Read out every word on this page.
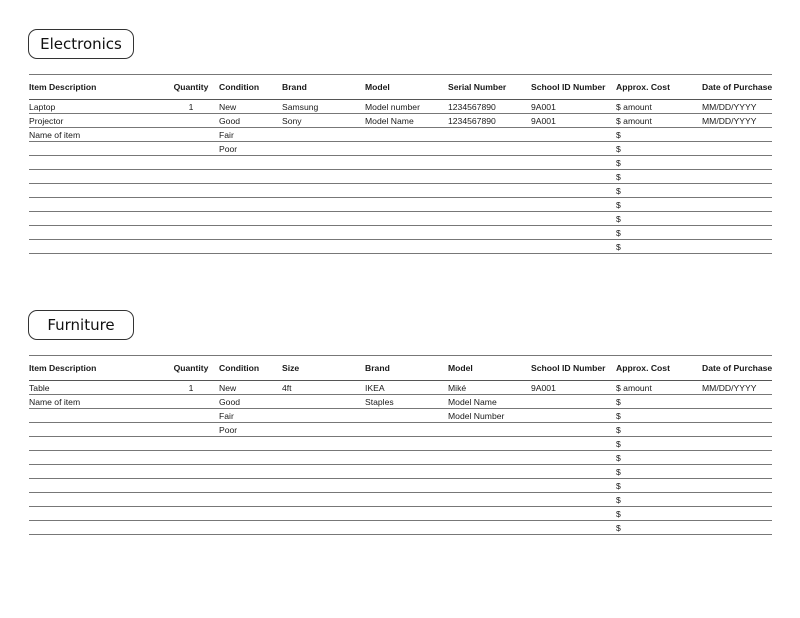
Electronics
Item Description	Quantity	Condition	Brand	Model	Serial Number	School ID Number	Approx. Cost	Date of Purchase
Laptop	1	New	Samsung	Model number	1234567890	9A001	$ amount	MM/DD/YYYY
Projector		Good	Sony	Model Name	1234567890	9A001	$ amount	MM/DD/YYYY
Name of item		Fair					$	
		Poor					$	
							$	
							$	
							$	
							$	
							$	
							$	
							$	
Furniture
Item Description	Quantity	Condition	Size	Brand	Model	School ID Number	Approx. Cost	Date of Purchase
Table	1	New	4ft	IKEA	Miké	9A001	$ amount	MM/DD/YYYY
Name of item		Good		Staples	Model Name		$	
		Fair			Model Number		$	
		Poor					$	
							$	
							$	
							$	
							$	
							$	
							$	
							$	
